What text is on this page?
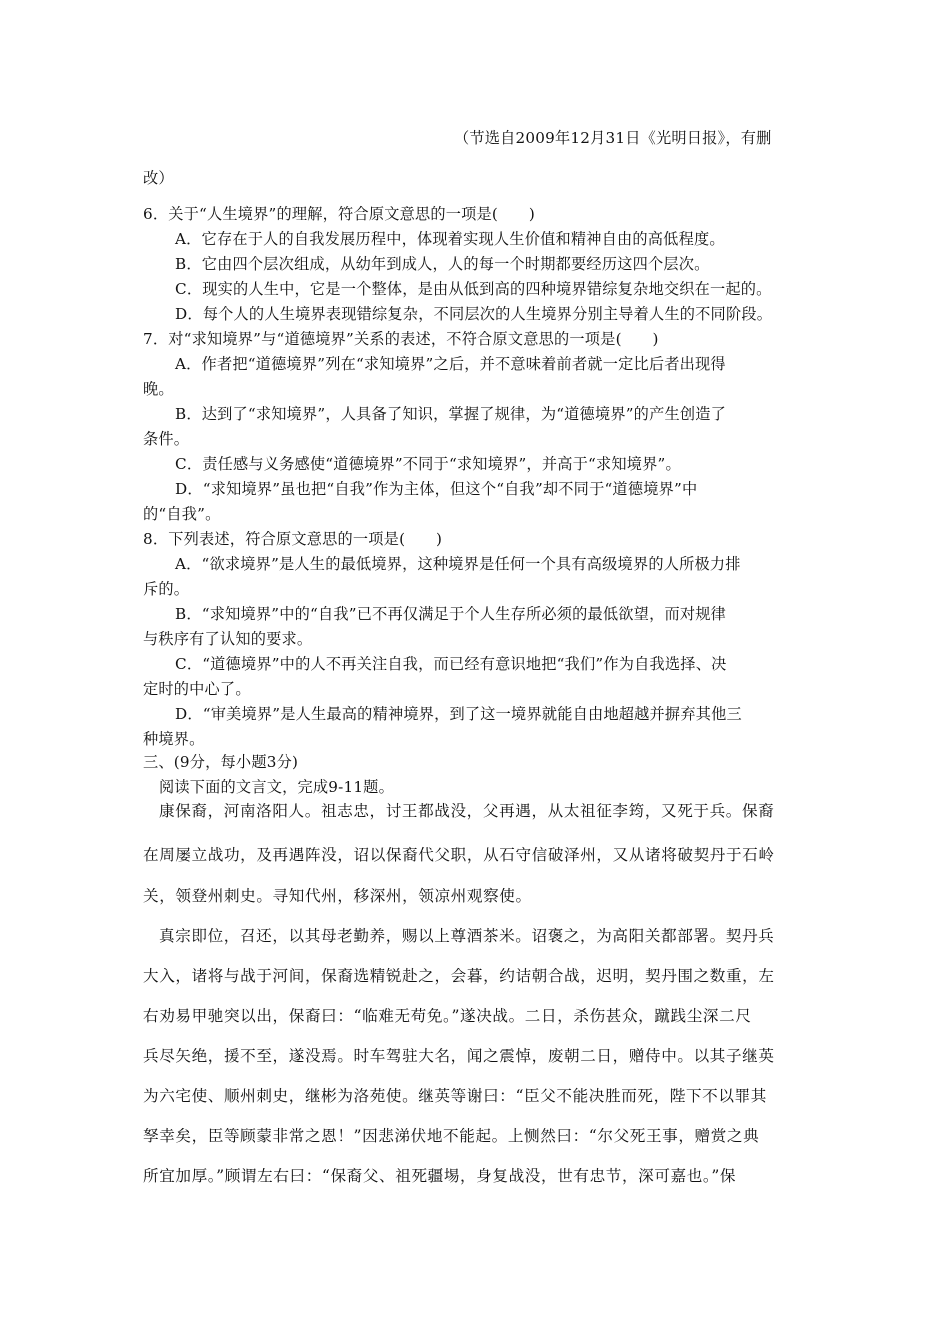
（节选自2009年12月31日《光明日报》，有删
改）
6．关于“人生境界”的理解，符合原文意思的一项是(　　)
A．它存在于人的自我发展历程中，体现着实现人生价值和精神自由的高低程度。
B．它由四个层次组成，从幼年到成人，人的每一个时期都要经历这四个层次。
C．现实的人生中，它是一个整体，是由从低到高的四种境界错综复杂地交织在一起的。
D．每个人的人生境界表现错综复杂，不同层次的人生境界分别主导着人生的不同阶段。
7．对“求知境界”与“道德境界”关系的表述，不符合原文意思的一项是(　　)
A．作者把“道德境界”列在“求知境界”之后，并不意味着前者就一定比后者出现得
晚。
B．达到了“求知境界”，人具备了知识，掌握了规律，为“道德境界”的产生创造了
条件。
C．责任感与义务感使“道德境界”不同于“求知境界”，并高于“求知境界”。
D．“求知境界”虽也把“自我”作为主体，但这个“自我”却不同于“道德境界”中
的“自我”。
8．下列表述，符合原文意思的一项是(　　)
A．“欲求境界”是人生的最低境界，这种境界是任何一个具有高级境界的人所极力排
斥的。
B．“求知境界”中的“自我”已不再仅满足于个人生存所必须的最低欲望，而对规律
与秩序有了认知的要求。
C．“道德境界”中的人不再关注自我，而已经有意识地把“我们”作为自我选择、决
定时的中心了。
D．“审美境界”是人生最高的精神境界，到了这一境界就能自由地超越并摒弃其他三
种境界。
三、(9分，每小题3分)
阅读下面的文言文，完成9-11题。
康保裔，河南洛阳人。祖志忠，讨王都战没，父再遇，从太祖征李筠，又死于兵。保裔
在周屡立战功，及再遇阵没，诏以保裔代父职，从石守信破泽州，又从诸将破契丹于石岭
关，领登州刺史。寻知代州，移深州，领凉州观察使。
真宗即位，召还，以其母老勤养，赐以上尊酒茶米。诏褒之，为高阳关都部署。契丹兵
大入，诸将与战于河间，保裔选精锐赴之，会暮，约诘朝合战，迟明，契丹围之数重，左
右劝易甲驰突以出，保裔曰：“临难无苟免。”遂决战。二日，杀伤甚众，蹴践尘深二尺
兵尽矢绝，援不至，遂没焉。时车驾驻大名，闻之震悼，废朝二日，赠侍中。以其子继英
为六宅使、顺州刺史，继彬为洛苑使。继英等谢曰：“臣父不能决胜而死，陛下不以罪其
孥幸矣，臣等顾蒙非常之恩！”因悲涕伏地不能起。上恻然曰：“尔父死王事，赠赏之典
所宜加厚。”顾谓左右曰：“保裔父、祖死疆埸，身复战没，世有忠节，深可嘉也。”保
